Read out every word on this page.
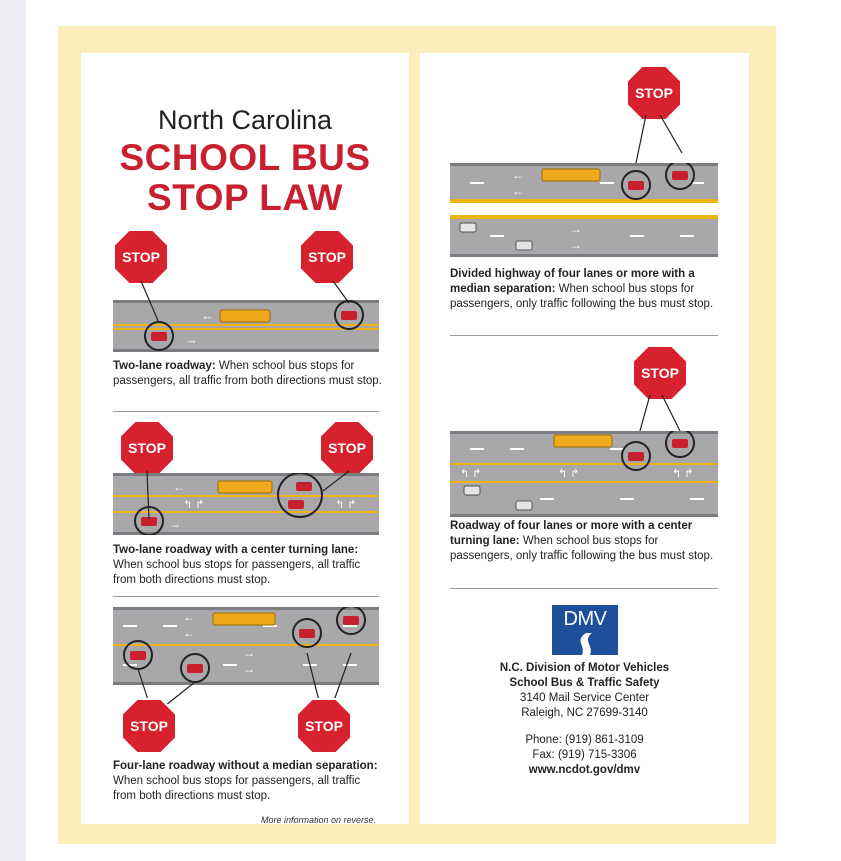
North Carolina
SCHOOL BUS
STOP LAW
STOP	STOP
←
→
Two-lane roadway: When school bus stops for passengers, all traffic from both directions must stop.
STOP	STOP
↰ ↱	↰ ↱
←
→
Two-lane roadway with a center turning lane: When school bus stops for passengers, all traffic from both directions must stop.
←
←
→
→
STOP	STOP
Four-lane roadway without a median separation: When school bus stops for passengers, all traffic from both directions must stop.
More information on reverse.
STOP
←
←
→
→
Divided highway of four lanes or more with a median separation: When school bus stops for passengers, only traffic following the bus must stop.
STOP
↰ ↱	↰ ↱	↰ ↱
Roadway of four lanes or more with a center turning lane: When school bus stops for passengers, only traffic following the bus must stop.
DMV
N.C. Division of Motor Vehicles
School Bus & Traffic Safety
3140 Mail Service Center
Raleigh, NC 27699-3140
Phone: (919) 861-3109
Fax: (919) 715-3306
www.ncdot.gov/dmv
